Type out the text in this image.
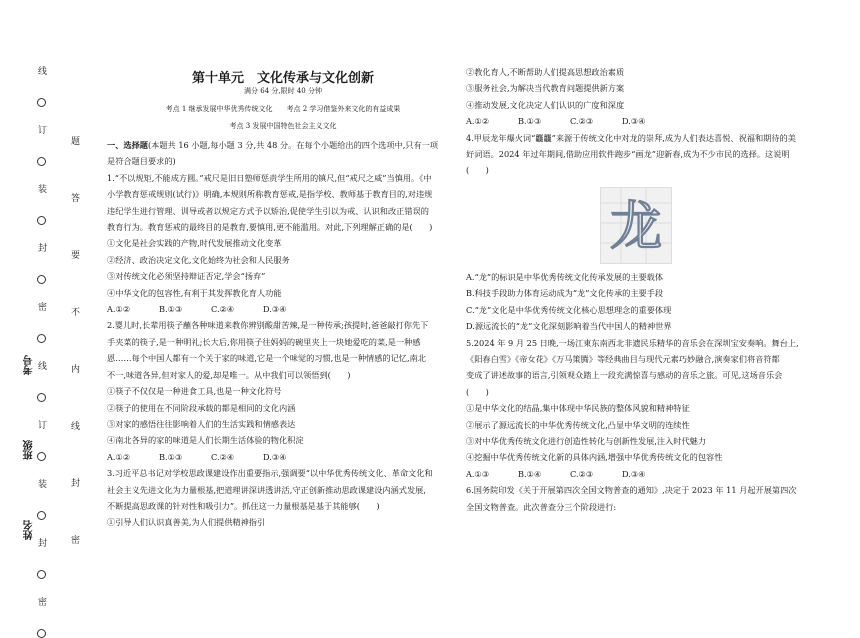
线
订
装
封
密
线
订
装
封
密
题
答
要
不
内
线
封
密
考号
班级
姓名
第十单元　文化传承与文化创新
满分 64 分,限时 40 分钟
考点 1 继承发展中华优秀传统文化　　考点 2 学习借鉴外来文化的有益成果
考点 3 发展中国特色社会主义文化

一、选择题(本题共 16 小题,每小题 3 分,共 48 分。在每个小题给出的四个选项中,只有一项

是符合题目要求的)

1.“不以规矩,不能成方圆。”戒尺是旧日塾师惩责学生所用的镇尺,但“戒尺之威”当慎用。《中

小学教育惩戒规则(试行)》明确,本规则所称教育惩戒,是指学校、教师基于教育目的,对违规

违纪学生进行管理、训导或者以规定方式予以矫治,促使学生引以为戒、认识和改正错误的

教育行为。教育惩戒的最终目的是教育,要慎用,更不能滥用。对此,下列理解正确的是(　　)

①文化是社会实践的产物,时代发展推动文化变革

②经济、政治决定文化,文化始终为社会和人民服务

③对传统文化必须坚持辩证否定,学会“扬弃”

④中华文化的包容性,有利于其发挥教化育人功能

A.①②	B.①③	C.②④	D.③④

2.婴儿时,长辈用筷子蘸各种味道来教你辨别酸甜苦辣,是一种传承;孩提时,爸爸敲打你先下

手夹菜的筷子,是一种明礼;长大后,你用筷子往妈妈的碗里夹上一块她爱吃的菜,是一种感

恩……每个中国人都有一个关于家的味道,它是一个味觉的习惯,也是一种情感的记忆,南北

不一,味道各异,但对家人的爱,却是唯一。从中我们可以领悟到(　　)

①筷子不仅仅是一种进食工具,也是一种文化符号

②筷子的使用在不同阶段承载的都是相同的文化内涵

③对家的感悟往往影响着人们的生活实践和情感表达

④南北各异的家的味道是人们长期生活体验的物化积淀

A.①②	B.①③	C.②④	D.③④

3.习近平总书记对学校思政课建设作出重要指示,强调要“以中华优秀传统文化、革命文化和

社会主义先进文化为力量根基,把道理讲深讲透讲活,守正创新推动思政课建设内涵式发展,

不断提高思政课的针对性和吸引力”。抓住这一力量根基是基于其能够(　　)

①引导人们认识真善美,为人们提供精神指引

②教化育人,不断帮助人们提高思想政治素质

③服务社会,为解决当代教育问题提供新方案

④推动发展,文化决定人们认识的广度和深度

A.①②	B.①③	C.②③	D.③④

4.甲辰龙年爆火词“龘龘”来源于传统文化中对龙的崇拜,成为人们表达喜悦、祝福和期待的美

好词语。2024 年过年期间,借助应用软件跑步“画龙”迎新春,成为不少市民的选择。这说明

(　　)

龙

A.“龙”的标识是中华优秀传统文化传承发展的主要载体

B.科技手段助力体育运动成为“龙”文化传承的主要手段

C.“龙”文化是中华优秀传统文化核心思想理念的重要体现

D.源远流长的“龙”文化深刻影响着当代中国人的精神世界

5.2024 年 9 月 25 日晚,一场江東东南西北非遗民乐精华的音乐会在深圳宝安奏响。舞台上,

《阳春白雪》《帝女花》《万马策腾》等经典曲目与现代元素巧妙融合,演奏家们将音符都

变成了讲述故事的语言,引领观众踏上一段充满惊喜与感动的音乐之旅。可见,这场音乐会

(　　)

①是中华文化的结晶,集中体现中华民族的整体风貌和精神特征

②展示了源远流长的中华优秀传统文化,凸显中华文明的连续性

③对中华优秀传统文化进行创造性转化与创新性发展,注入时代魅力

④挖掘中华优秀传统文化新的具体内涵,增强中华优秀传统文化的包容性

A.①③	B.①④	C.②③	D.③④

6.国务院印发《关于开展第四次全国文物普查的通知》,决定于 2023 年 11 月起开展第四次

全国文物普查。此次普查分三个阶段进行:
